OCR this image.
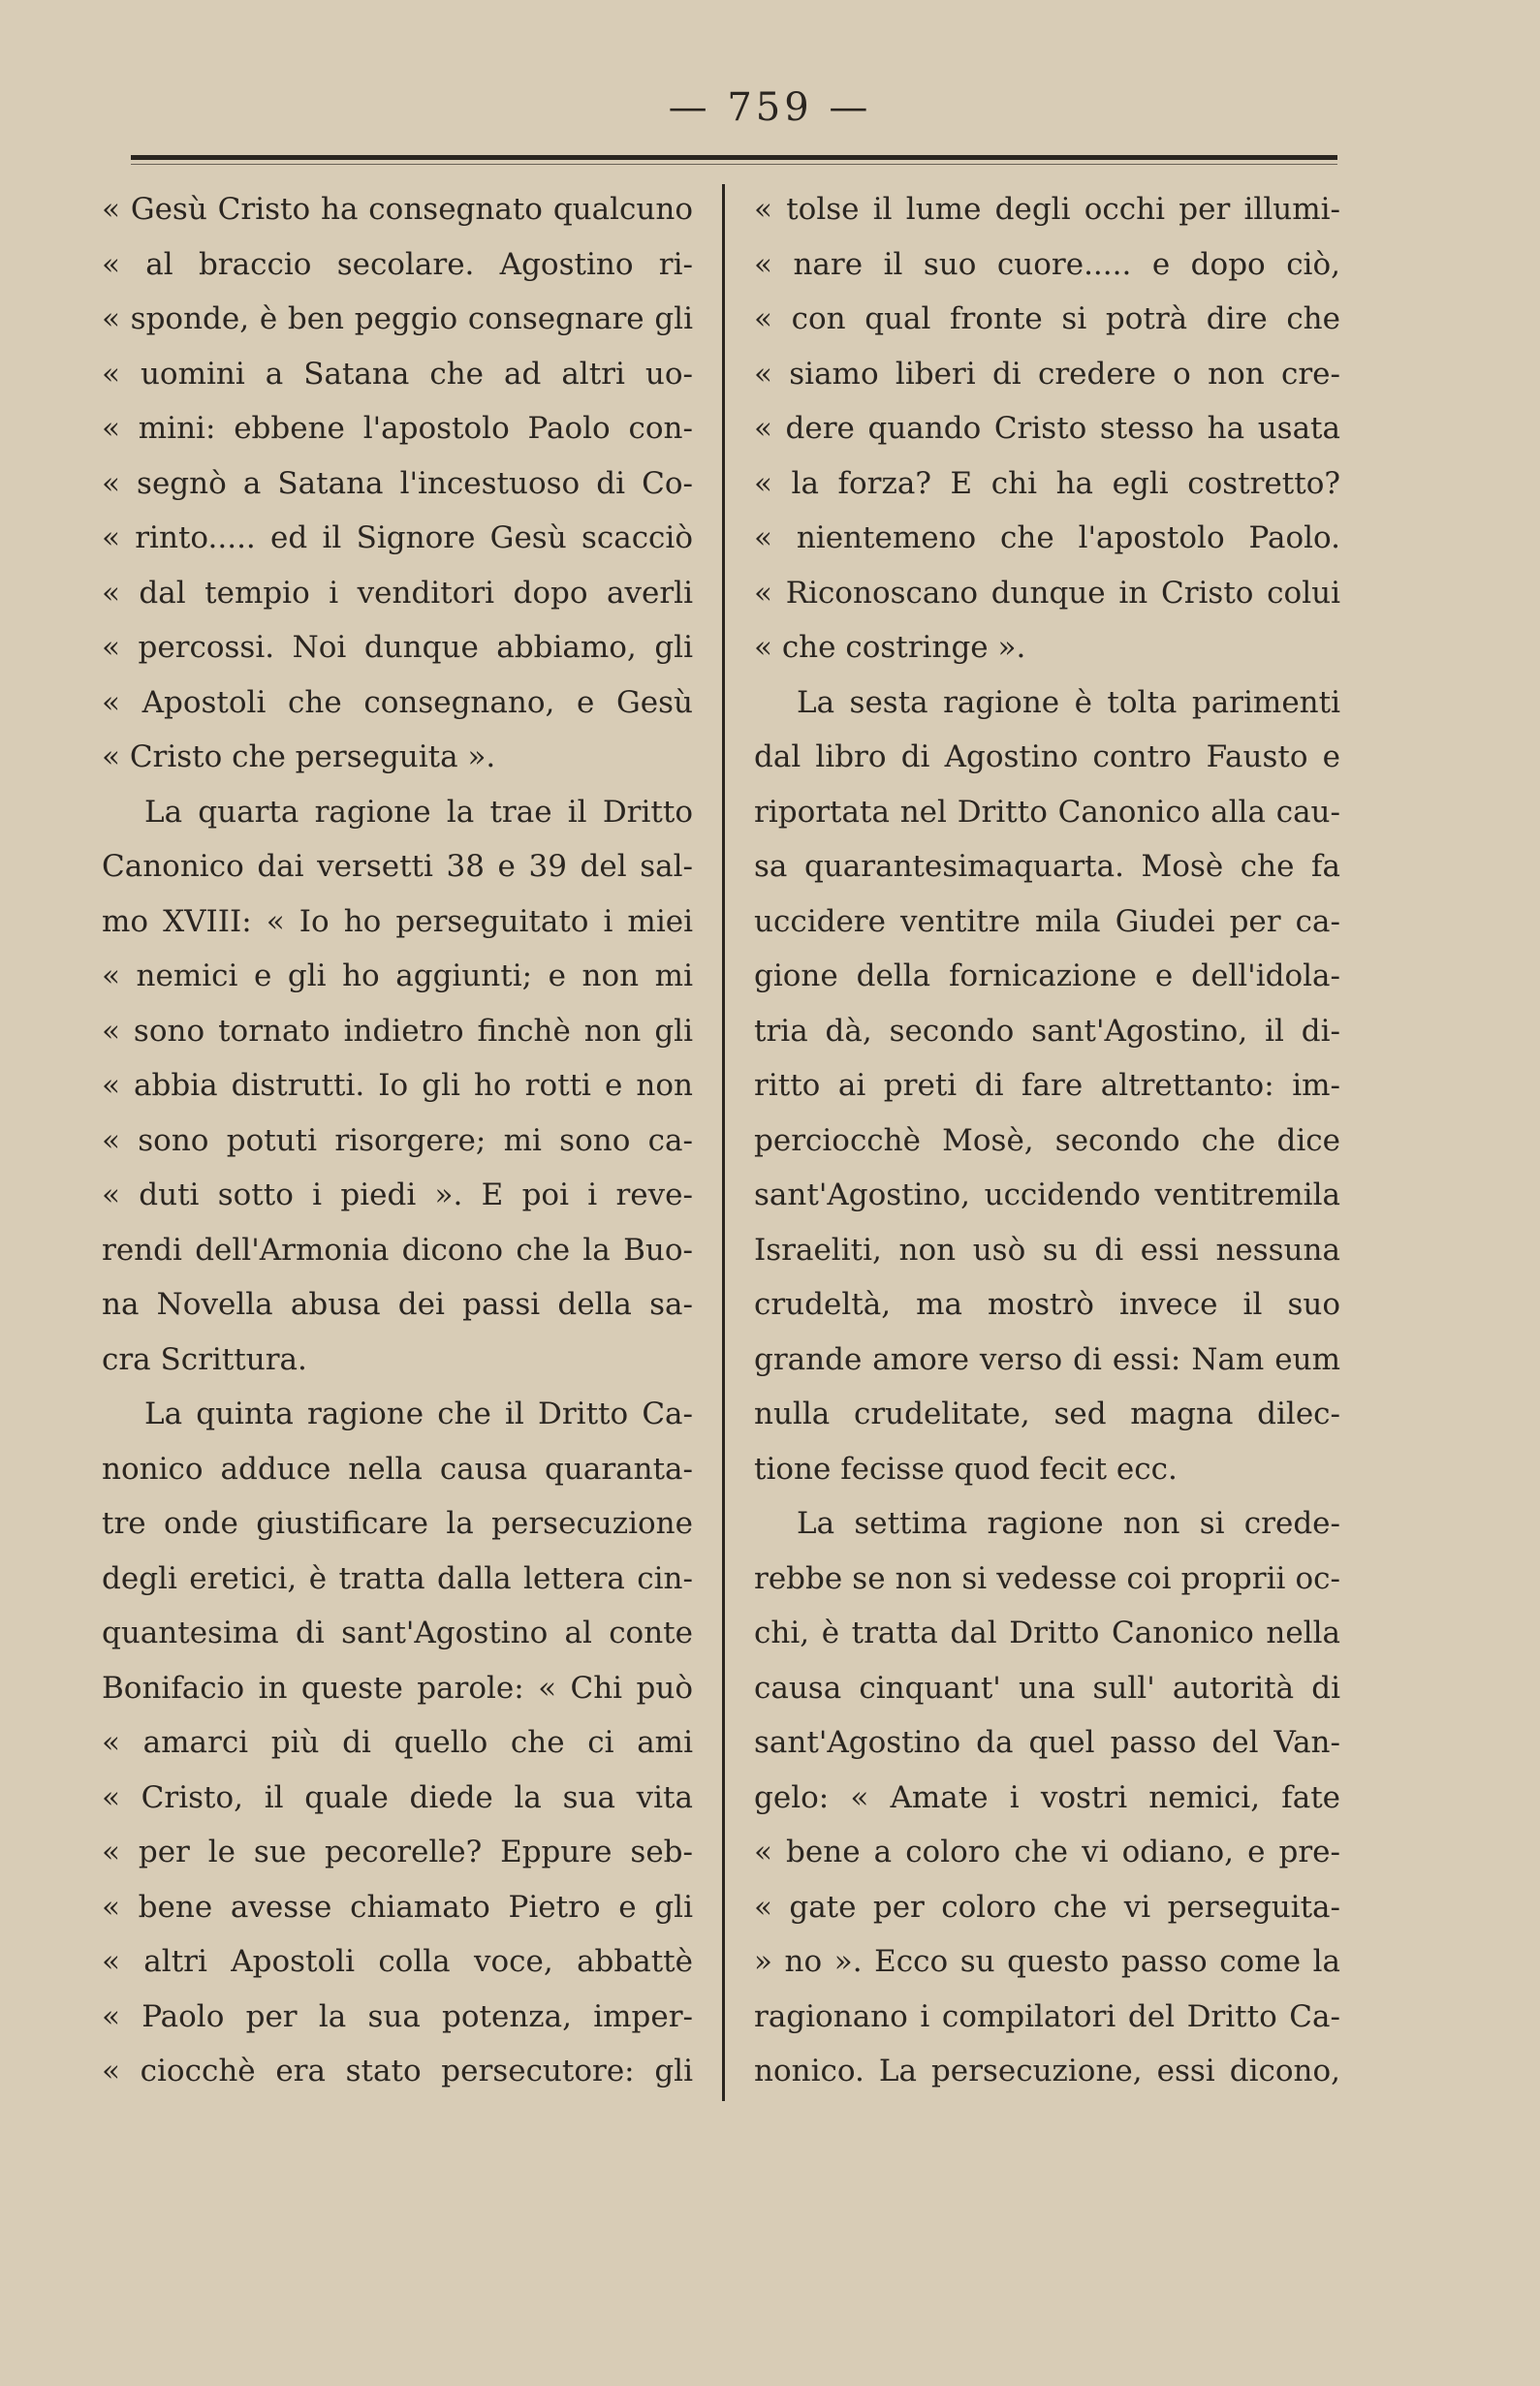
— 759 —
« Gesù Cristo ha consegnato qualcuno
« al braccio secolare. Agostino ri-
« sponde, è ben peggio consegnare gli
« uomini a Satana che ad altri uo-
« mini: ebbene l'apostolo Paolo con-
« segnò a Satana l'incestuoso di Co-
« rinto..... ed il Signore Gesù scacciò
« dal tempio i venditori dopo averli
« percossi. Noi dunque abbiamo, gli
« Apostoli che consegnano, e Gesù
« Cristo che perseguita ».
La quarta ragione la trae il Dritto
Canonico dai versetti 38 e 39 del sal-
mo XVIII: « Io ho perseguitato i miei
« nemici e gli ho aggiunti; e non mi
« sono tornato indietro finchè non gli
« abbia distrutti. Io gli ho rotti e non
« sono potuti risorgere; mi sono ca-
« duti sotto i piedi ». E poi i reve-
rendi dell'Armonia dicono che la Buo-
na Novella abusa dei passi della sa-
cra Scrittura.
La quinta ragione che il Dritto Ca-
nonico adduce nella causa quaranta-
tre onde giustificare la persecuzione
degli eretici, è tratta dalla lettera cin-
quantesima di sant'Agostino al conte
Bonifacio in queste parole: « Chi può
« amarci più di quello che ci ami
« Cristo, il quale diede la sua vita
« per le sue pecorelle? Eppure seb-
« bene avesse chiamato Pietro e gli
« altri Apostoli colla voce, abbattè
« Paolo per la sua potenza, imper-
« ciocchè era stato persecutore: gli
« tolse il lume degli occhi per illumi-
« nare il suo cuore..... e dopo ciò,
« con qual fronte si potrà dire che
« siamo liberi di credere o non cre-
« dere quando Cristo stesso ha usata
« la forza? E chi ha egli costretto?
« nientemeno che l'apostolo Paolo.
« Riconoscano dunque in Cristo colui
« che costringe ».
La sesta ragione è tolta parimenti
dal libro di Agostino contro Fausto e
riportata nel Dritto Canonico alla cau-
sa quarantesimaquarta. Mosè che fa
uccidere ventitre mila Giudei per ca-
gione della fornicazione e dell'idola-
tria dà, secondo sant'Agostino, il di-
ritto ai preti di fare altrettanto: im-
perciocchè Mosè, secondo che dice
sant'Agostino, uccidendo ventitremila
Israeliti, non usò su di essi nessuna
crudeltà, ma mostrò invece il suo
grande amore verso di essi: Nam eum
nulla crudelitate, sed magna dilec-
tione fecisse quod fecit ecc.
La settima ragione non si crede-
rebbe se non si vedesse coi proprii oc-
chi, è tratta dal Dritto Canonico nella
causa cinquant' una sull' autorità di
sant'Agostino da quel passo del Van-
gelo: « Amate i vostri nemici, fate
« bene a coloro che vi odiano, e pre-
« gate per coloro che vi perseguita-
» no ». Ecco su questo passo come la
ragionano i compilatori del Dritto Ca-
nonico. La persecuzione, essi dicono,
